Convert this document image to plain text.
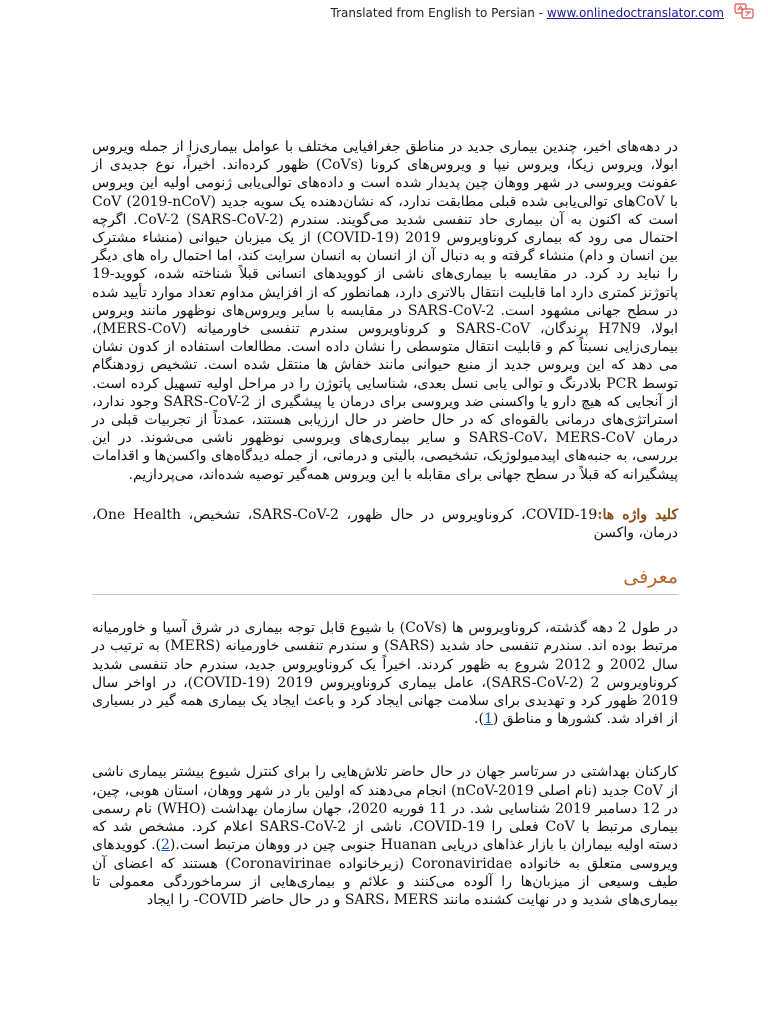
Translated from English to Persian - www.onlinedoctranslator.com

در دهه‌های اخیر، چندین بیماری جدید در مناطق جغرافیایی مختلف با عوامل بیماری‌زا از جمله ویروس ابولا، ویروس زیکا، ویروس نیپا و ویروس‌های کرونا (CoVs) ظهور کرده‌اند. اخیراً، نوع جدیدی از عفونت ویروسی در شهر ووهان چین پدیدار شده است و داده‌های توالی‌یابی ژنومی اولیه این ویروس با CoVهای توالی‌یابی شده قبلی مطابقت ندارد، که نشان‌دهنده یک سویه جدید CoV (2019-nCoV) است که اکنون به آن بیماری حاد تنفسی شدید می‌گویند. سندرم CoV-2 (SARS-CoV-2). اگرچه احتمال می رود که بیماری کروناویروس 2019 (COVID-19) از یک میزبان حیوانی (منشاء مشترک بین انسان و دام) منشاء گرفته و به دنبال آن از انسان به انسان سرایت کند، اما احتمال راه های دیگر را نباید رد کرد. در مقایسه با بیماری‌های ناشی از کوویدهای انسانی قبلاً شناخته شده، کووید-19 پاتوژنز کمتری دارد اما قابلیت انتقال بالاتری دارد، همانطور که از افزایش مداوم تعداد موارد تأیید شده در سطح جهانی مشهود است. SARS-CoV-2 در مقایسه با سایر ویروس‌های نوظهور مانند ویروس ابولا، H7N9 پرندگان، SARS-CoV و کروناویروس سندرم تنفسی خاورمیانه (MERS-CoV)، بیماری‌زایی نسبتاً کم و قابلیت انتقال متوسطی را نشان داده است. مطالعات استفاده از کدون نشان می دهد که این ویروس جدید از منبع حیوانی مانند خفاش ها منتقل شده است. تشخیص زودهنگام توسط PCR بلادرنگ و توالی یابی نسل بعدی، شناسایی پاتوژن را در مراحل اولیه تسهیل کرده است. از آنجایی که هیچ دارو یا واکسنی ضد ویروسی برای درمان یا پیشگیری از SARS-CoV-2 وجود ندارد، استراتژی‌های درمانی بالقوه‌ای که در حال حاضر در حال ارزیابی هستند، عمدتاً از تجربیات قبلی در درمان SARS-CoV، MERS-CoV و سایر بیماری‌های ویروسی نوظهور ناشی می‌شوند. در این بررسی، به جنبه‌های اپیدمیولوژیک، تشخیصی، بالینی و درمانی، از جمله دیدگاه‌های واکسن‌ها و اقدامات پیشگیرانه که قبلاً در سطح جهانی برای مقابله با این ویروس همه‌گیر توصیه شده‌اند، می‌پردازیم.

کلید واژه ها:COVID-19، کروناویروس در حال ظهور، SARS-CoV-2، تشخیص، One Health، درمان، واکسن

معرفی

در طول 2 دهه گذشته، کروناویروس ها (CoVs) با شیوع قابل توجه بیماری در شرق آسیا و خاورمیانه مرتبط بوده اند. سندرم تنفسی حاد شدید (SARS) و سندرم تنفسی خاورمیانه (MERS) به ترتیب در سال 2002 و 2012 شروع به ظهور کردند. اخیراً یک کروناویروس جدید، سندرم حاد تنفسی شدید کروناویروس 2 (SARS-CoV-2)، عامل بیماری کروناویروس 2019 (COVID-19)، در اواخر سال 2019 ظهور کرد و تهدیدی برای سلامت جهانی ایجاد کرد و باعث ایجاد یک بیماری همه گیر در بسیاری از افراد شد. کشورها و مناطق (1).

کارکنان بهداشتی در سرتاسر جهان در حال حاضر تلاش‌هایی را برای کنترل شیوع بیشتر بیماری ناشی از CoV جدید (نام اصلی nCoV-2019) انجام می‌دهند که اولین بار در شهر ووهان، استان هوبی، چین، در 12 دسامبر 2019 شناسایی شد. در 11 فوریه 2020، جهان سازمان بهداشت (WHO) نام رسمی بیماری مرتبط با CoV فعلی را COVID-19، ناشی از SARS-CoV-2 اعلام کرد. مشخص شد که دسته اولیه بیماران با بازار غذاهای دریایی Huanan جنوبی چین در ووهان مرتبط است.(2). کوویدهای ویروسی متعلق به خانواده Coronaviridae (زیرخانواده Coronavirinae) هستند که اعضای آن طیف وسیعی از میزبان‌ها را آلوده می‌کنند و علائم و بیماری‌هایی از سرماخوردگی معمولی تا بیماری‌های شدید و در نهایت کشنده مانند SARS، MERS و در حال حاضر COVID- را ایجاد
